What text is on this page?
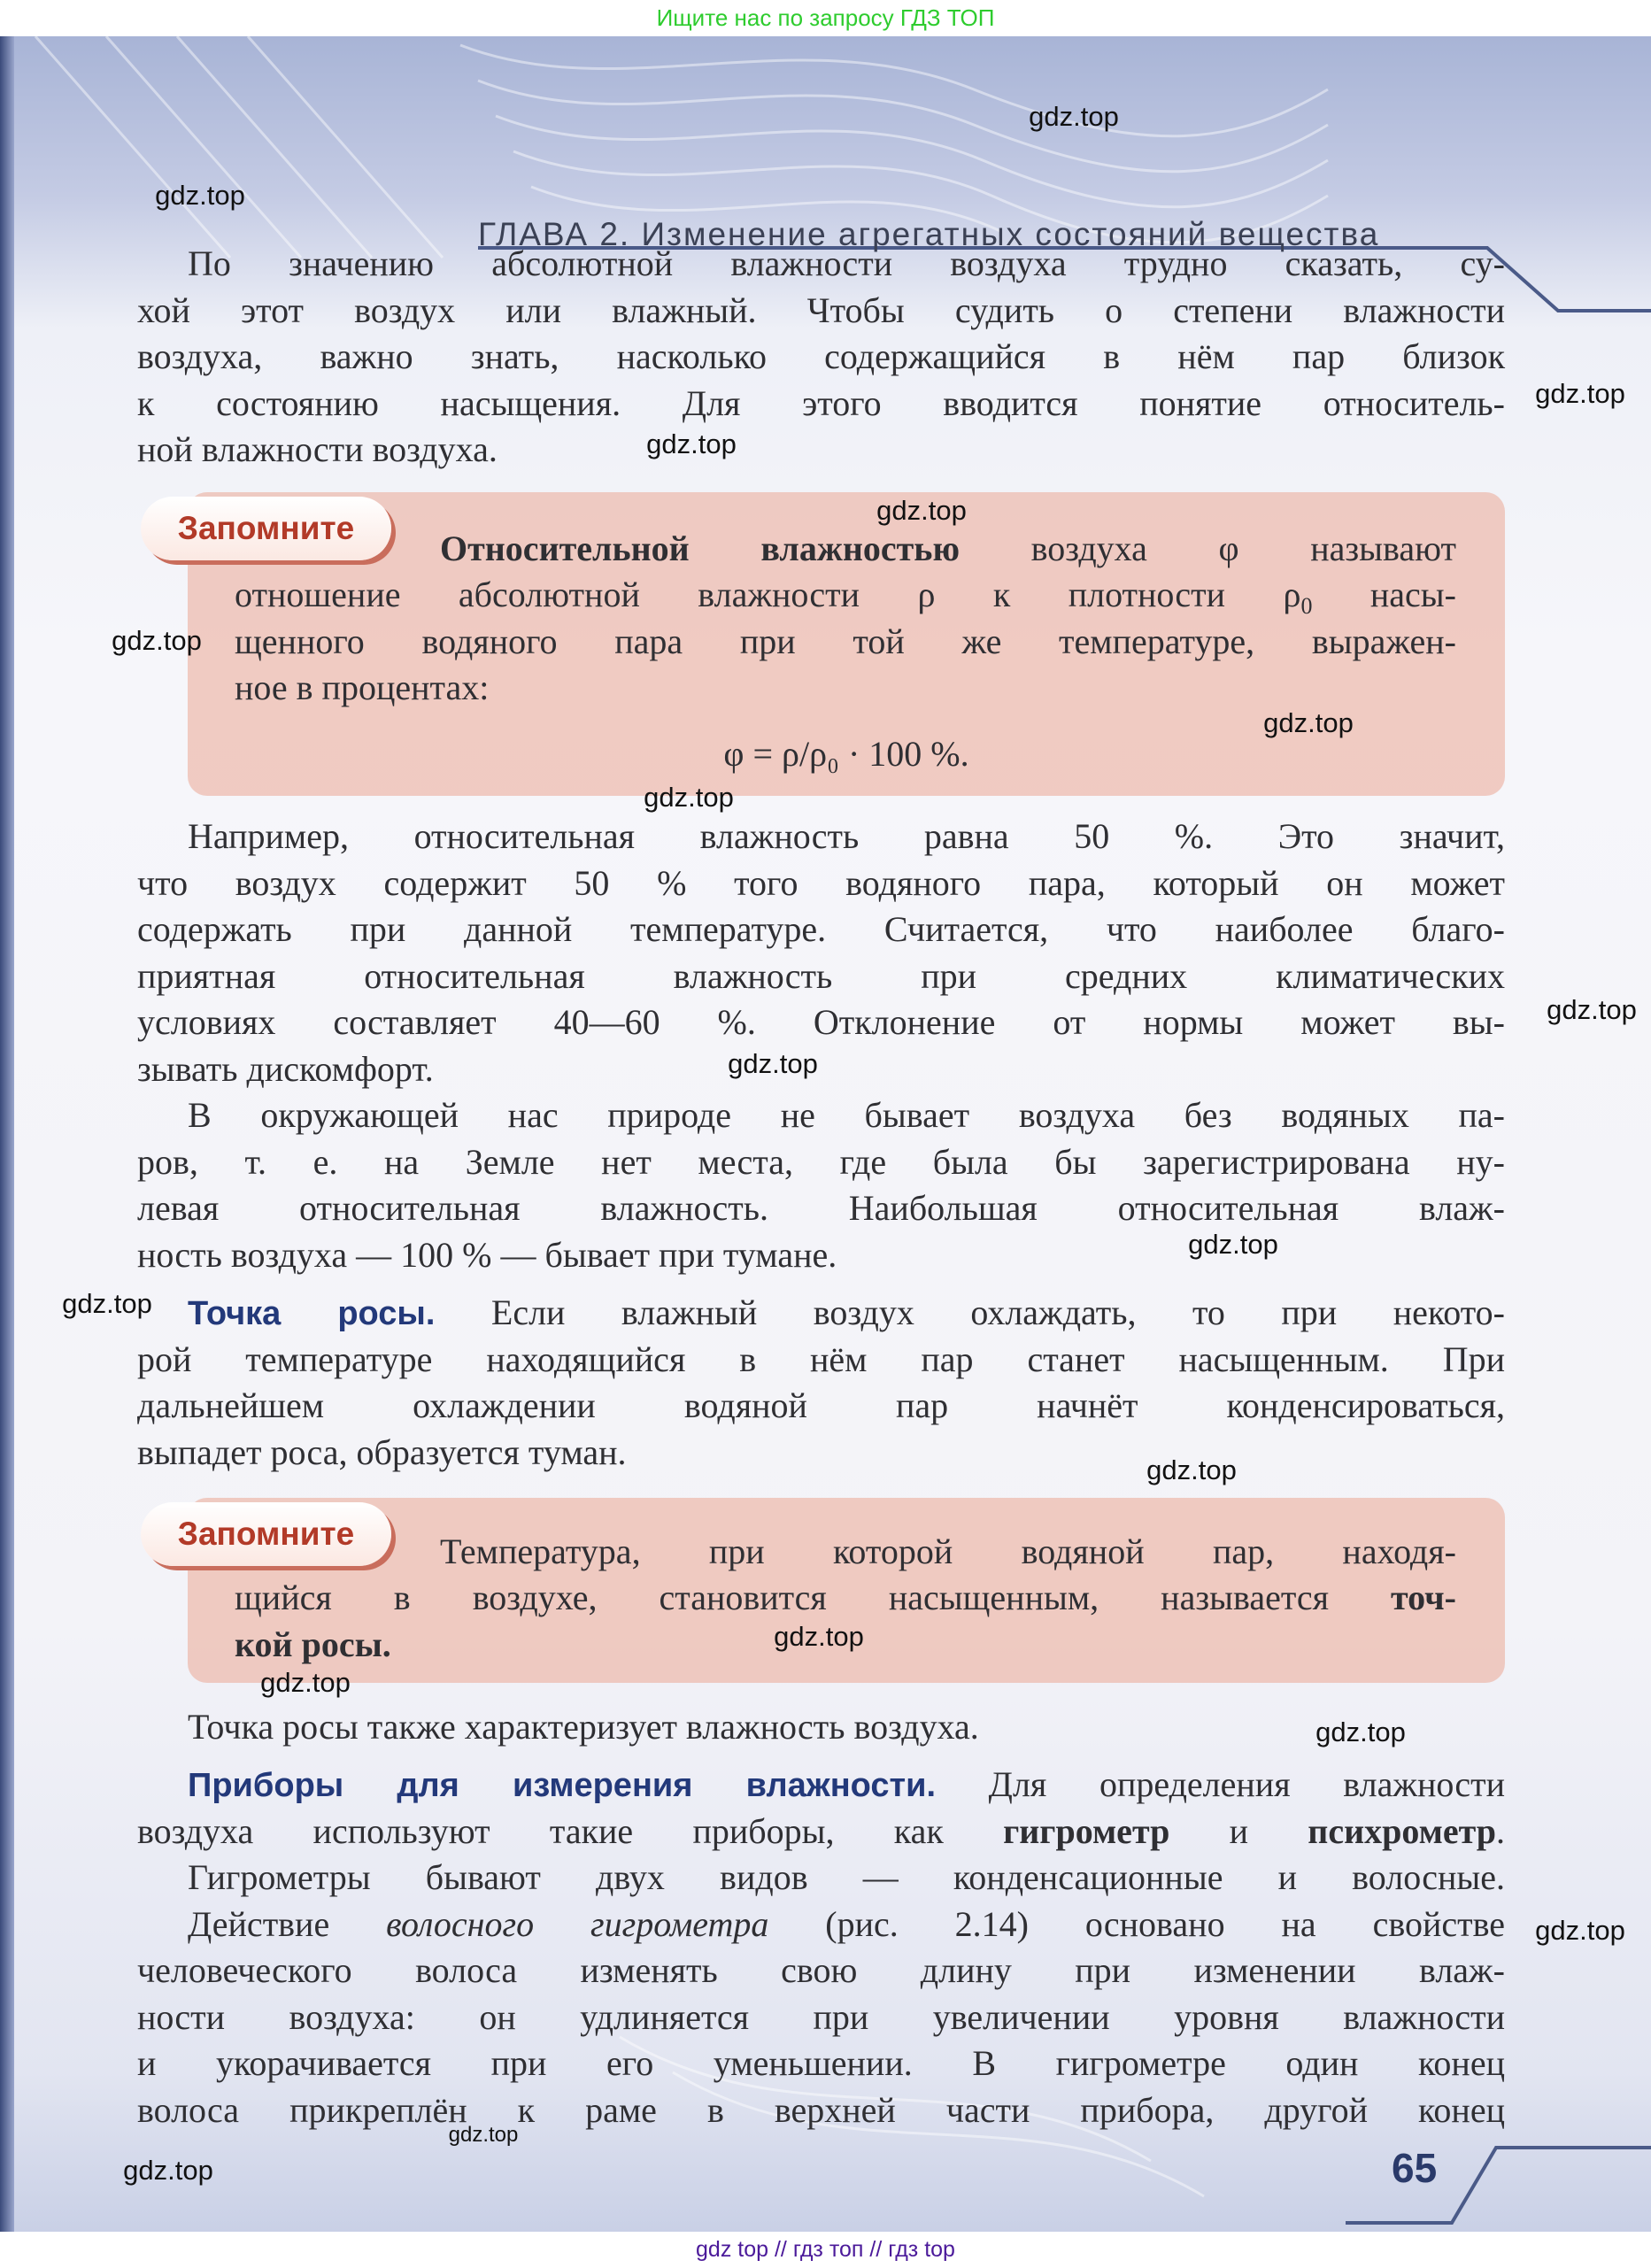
Ищите нас по запросу ГДЗ ТОП
ГЛАВА 2. Изменение агрегатных состояний вещества
Запомните
Запомните
По значению абсолютной влажности воздуха трудно сказать, су-
хой этот воздух или влажный. Чтобы судить о степени влажности
воздуха, важно знать, насколько содержащийся в нём пар близок
к состоянию насыщения. Для этого вводится понятие относитель-
ной влажности воздуха.
Относительной влажностью воздуха φ называют
отношение абсолютной влажности ρ к плотности $\rho_0$ насы-
щенного водяного пара при той же температуре, выражен-
ное в процентах:
φ = ρ/ρ₀ · 100 %.
Например, относительная влажность равна 50 %. Это значит,
что воздух содержит 50 % того водяного пара, который он может
содержать при данной температуре. Считается, что наиболее благо-
приятная относительная влажность при средних климатических
условиях составляет 40—60 %. Отклонение от нормы может вы-
зывать дискомфорт.
В окружающей нас природе не бывает воздуха без водяных па-
ров, т. е. на Земле нет места, где была бы зарегистрирована ну-
левая относительная влажность. Наибольшая относительная влаж-
ность воздуха — 100 % — бывает при тумане.
Точка росы. Если влажный воздух охлаждать, то при некото-
рой температуре находящийся в нём пар станет насыщенным. При
дальнейшем охлаждении водяной пар начнёт конденсироваться,
выпадет роса, образуется туман.
Температура, при которой водяной пар, находя-
щийся в воздухе, становится насыщенным, называется точ-
кой росы.
Точка росы также характеризует влажность воздуха.
Приборы для измерения влажности. Для определения влажности
воздуха используют такие приборы, как гигрометр и психрометр.
Гигрометры бывают двух видов — конденсационные и волосные.
Действие волосного гигрометра (рис. 2.14) основано на свойстве
человеческого волоса изменять свою длину при изменении влаж-
ности воздуха: он удлиняется при увеличении уровня влажности
и укорачивается при его уменьшении. В гигрометре один конец
волоса прикреплён к раме в верхней части прибора, другой конец
65
gdz.top
gdz.top
gdz.top
gdz.top
gdz.top
gdz.top
gdz.top
gdz.top
gdz.top
gdz.top
gdz.top
gdz.top
gdz.top
gdz.top
gdz.top
gdz.top
gdz.top
gdz.top
gdz.top
gdz top // гдз топ // гдз top
